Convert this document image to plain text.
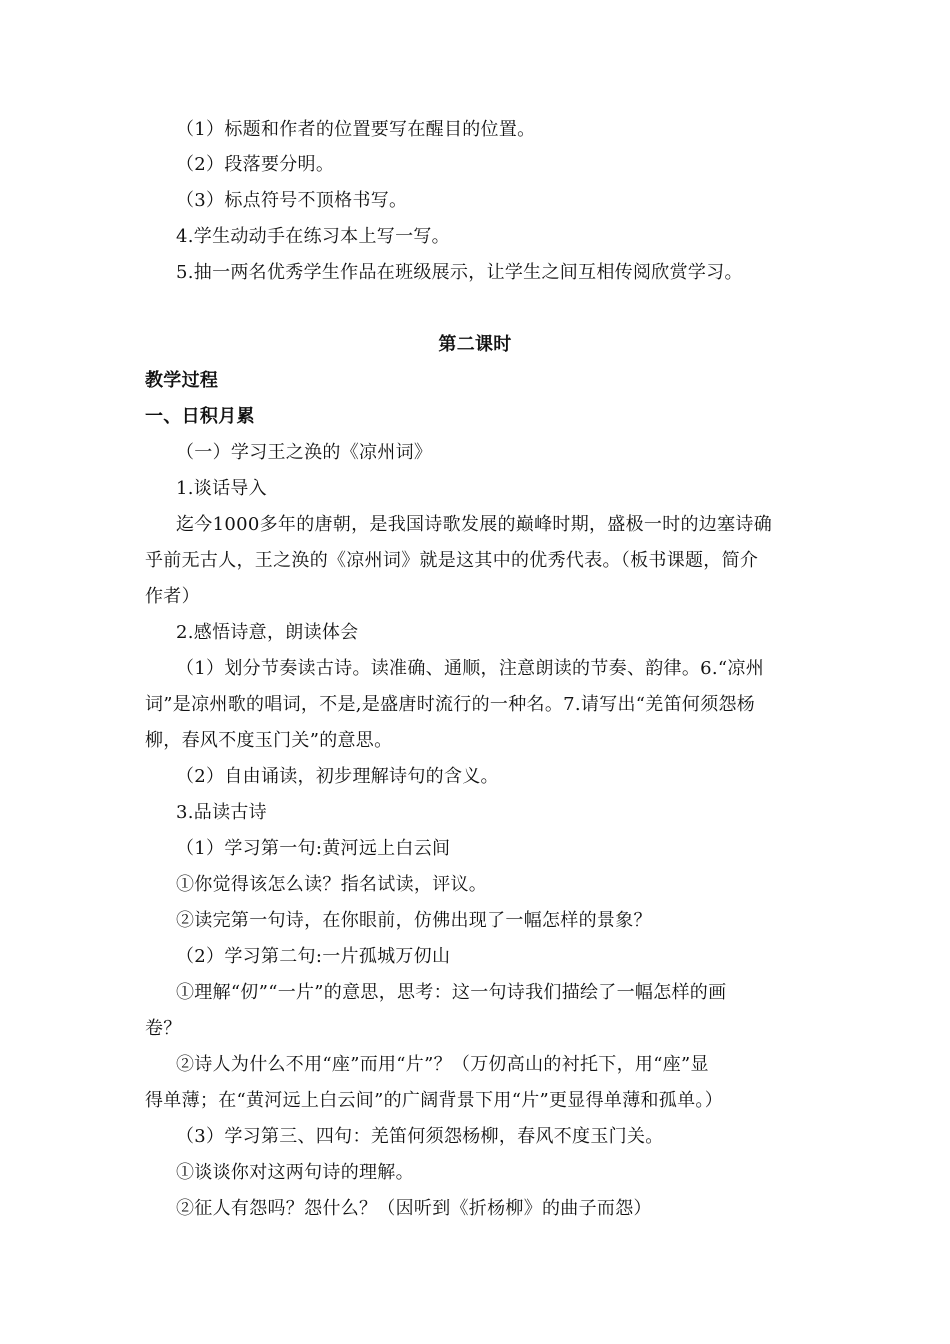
（1）标题和作者的位置要写在醒目的位置。
（2）段落要分明。
（3）标点符号不顶格书写。
4.学生动动手在练习本上写一写。
5.抽一两名优秀学生作品在班级展示，让学生之间互相传阅欣赏学习。
第二课时
教学过程
一、日积月累
（一）学习王之涣的《凉州词》
1.谈话导入
迄今1000多年的唐朝，是我国诗歌发展的巅峰时期，盛极一时的边塞诗确
乎前无古人，王之涣的《凉州词》就是这其中的优秀代表。（板书课题，简介
作者）
2.感悟诗意，朗读体会
（1）划分节奏读古诗。读准确、通顺，注意朗读的节奏、韵律。6.“凉州
词”是凉州歌的唱词，不是,是盛唐时流行的一种名。7.请写出“羌笛何须怨杨
柳，春风不度玉门关”的意思。
（2）自由诵读，初步理解诗句的含义。
3.品读古诗
（1）学习第一句:黄河远上白云间
①你觉得该怎么读？指名试读，评议。
②读完第一句诗，在你眼前，仿佛出现了一幅怎样的景象？
（2）学习第二句:一片孤城万仞山
①理解“仞”“一片”的意思，思考：这一句诗我们描绘了一幅怎样的画
卷？
②诗人为什么不用“座”而用“片”？（万仞高山的衬托下，用“座”显
得单薄；在“黄河远上白云间”的广阔背景下用“片”更显得单薄和孤单。）
（3）学习第三、四句：羌笛何须怨杨柳，春风不度玉门关。
①谈谈你对这两句诗的理解。
②征人有怨吗？怨什么？（因听到《折杨柳》的曲子而怨）
